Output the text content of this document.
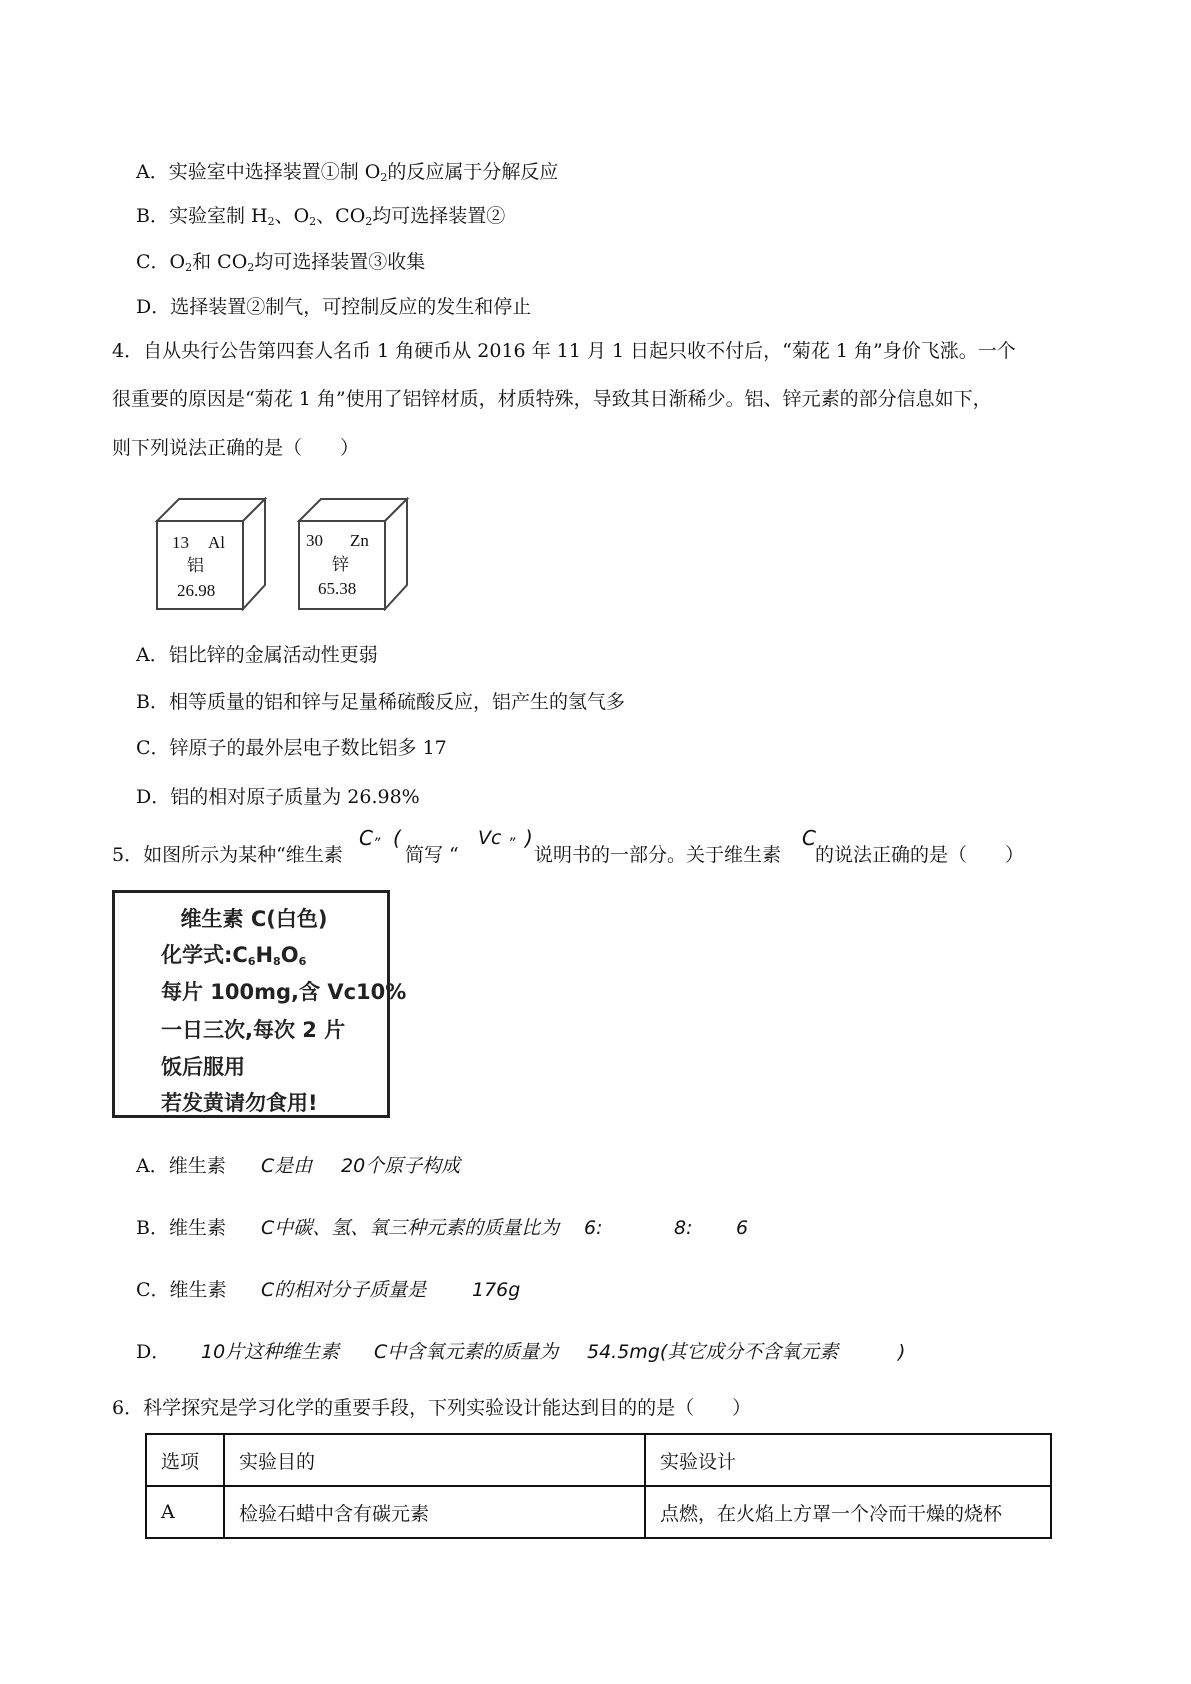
A．实验室中选择装置①制 $O_2$的反应属于分解反应
B．实验室制 $H_2$、$O_2$、$CO_2$均可选择装置②
C．$O_2$和 $CO_2$均可选择装置③收集
D．选择装置②制气，可控制反应的发生和停止
4．自从央行公告第四套人名币 1 角硬币从 2016 年 11 月 1 日起只收不付后，“菊花 1 角”身价飞涨。一个
很重要的原因是“菊花 1 角”使用了铝锌材质，材质特殊，导致其日渐稀少。铝、锌元素的部分信息如下，
则下列说法正确的是（　　）
13 Al
铝
26.98
30 Zn
锌
65.38
A．铝比锌的金属活动性更弱
B．相等质量的铝和锌与足量稀硫酸反应，铝产生的氢气多
C．锌原子的最外层电子数比铝多 17
D．铝的相对原子质量为 26.98%
5．如图所示为某种“维生素
C ” (
简写 “
Vc ” )
说明书的一部分。关于维生素
C
的说法正确的是（　　）
维生素 C(白色)
化学式$:C_6H_8O_6$
每片 100mg,含 Vc10%
一日三次,每次 2 片
饭后服用
若发黄请勿食用!
A．维生素 C是由 20个原子构成
B．维生素 C中碳、氢、氧三种元素的质量比为 6:	8: 6
C．维生素 C的相对分子质量是 176g
D． 10片这种维生素 C中含氧元素的质量为 54.5mg(其它成分不含氧元素	)
6．科学探究是学习化学的重要手段，下列实验设计能达到目的的是（　　）
选项	实验目的	实验设计
A	检验石蜡中含有碳元素	点燃，在火焰上方罩一个冷而干燥的烧杯
